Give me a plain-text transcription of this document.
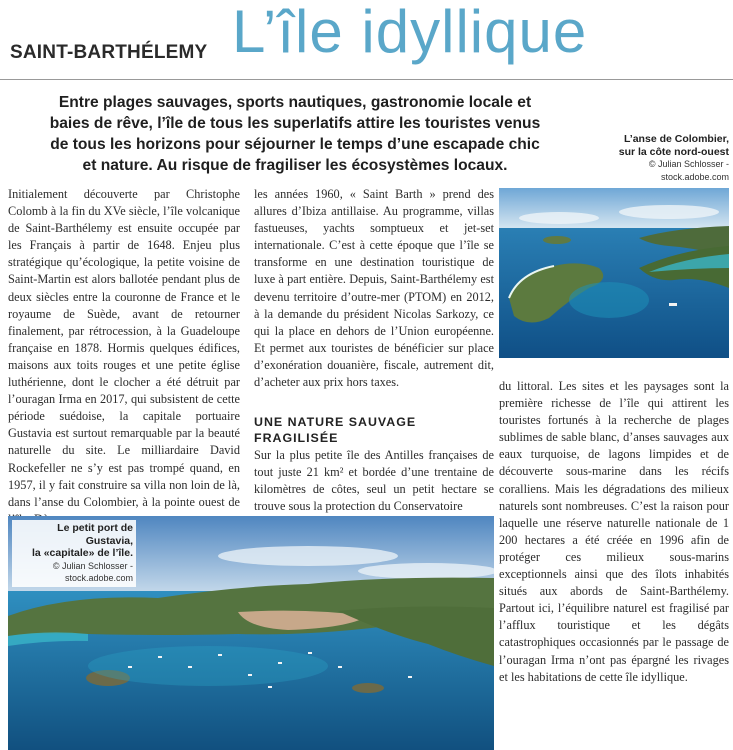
SAINT-BARTHÉLEMY L’île idyllique
Entre plages sauvages, sports nautiques, gastronomie locale et baies de rêve, l’île de tous les superlatifs attire les touristes venus de tous les horizons pour séjourner le temps d’une escapade chic et nature. Au risque de fragiliser les écosystèmes locaux.
L’anse de Colombier,
sur la côte nord-ouest
© Julian Schlosser -
stock.adobe.com

Initialement découverte par Christophe Colomb à la fin du XVe siècle, l’île volcanique de Saint-Barthélemy est ensuite occupée par les Français à partir de 1648. Enjeu plus stratégique qu’écologique, la petite voisine de Saint-Martin est alors ballotée pendant plus de deux siècles entre la couronne de France et le royaume de Suède, avant de retourner finalement, par rétrocession, à la Guadeloupe française en 1878. Hormis quelques édifices, maisons aux toits rouges et une petite église luthérienne, dont le clocher a été détruit par l’ouragan Irma en 2017, qui subsistent de cette période suédoise, la capitale portuaire Gustavia est surtout remarquable par la beauté naturelle du site. Le milliardaire David Rockefeller ne s’y est pas trompé quand, en 1957, il y fait construire sa villa non loin de là, dans l’anse du Colombier, à la pointe ouest de

les années 1960, « Saint Barth » prend des allures d’Ibiza antillaise. Au programme, villas fastueuses, yachts somptueux et jet-set internationale. C’est à cette époque que l’île se transforme en une destination touristique de luxe à part entière. Depuis, Saint-Barthélemy est devenu territoire d’outre-mer (PTOM) en 2012, à la demande du président Nicolas Sarkozy, ce qui la place en dehors de l’Union européenne. Et permet aux touristes de bénéficier sur place d’exonération douanière, fiscale, autrement dit, d’acheter aux prix hors taxes.

UNE NATURE SAUVAGE FRAGILISÉE

Sur la plus petite île des Antilles françaises de tout juste 21 km² et bordée d’une trentaine de kilomètres de côtes, seul un petit hectare se trouve sous la protection du Conservatoire

du littoral. Les sites et les paysages sont la première richesse de l’île qui attirent les touristes fortunés à la recherche de plages sublimes de sable blanc, d’anses sauvages aux eaux turquoise, de lagons limpides et de découverte sous-marine dans les récifs coralliens. Mais les dégradations des milieux naturels sont nombreuses. C’est la raison pour laquelle une réserve naturelle nationale de 1 200 hectares a été créée en 1996 afin de protéger ces milieux sous-marins exceptionnels ainsi que des îlots inhabités situés aux abords de Saint-Barthélemy. Partout ici, l’équilibre naturel est fragilisé par l’afflux touristique et les dégâts catastrophiques occasionnés par le passage de l’ouragan Irma n’ont pas épargné les rivages et les habitations de cette île idyllique.

Le petit port de Gustavia,
la «capitale» de l’île.
© Julian Schlosser -
stock.adobe.com
